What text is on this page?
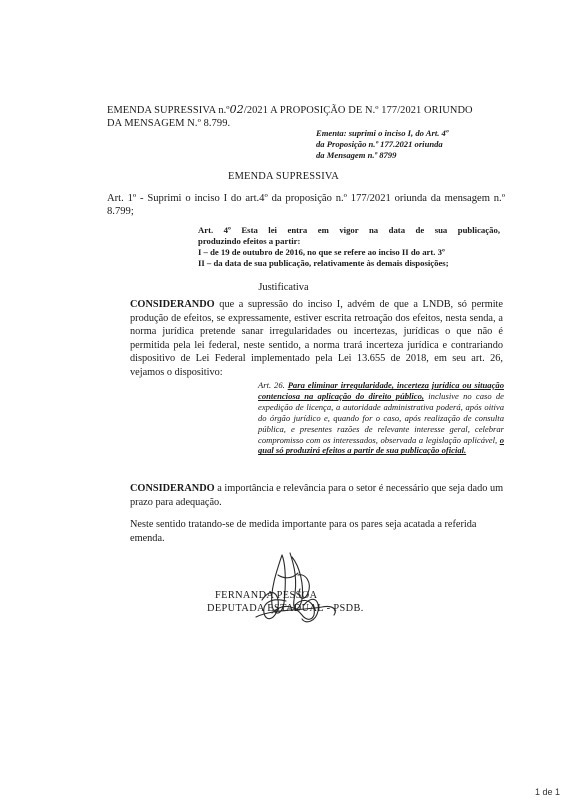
EMENDA SUPRESSIVA n.º02/2021 A PROPOSIÇÃO DE N.º 177/2021 ORIUNDO
DA MENSAGEM N.º 8.799.
Ementa: suprimi o inciso I, do Art. 4º
da Proposição n.º 177.2021 oriunda
da Mensagem n.º 8799
EMENDA SUPRESSIVA
Art. 1º - Suprimi o inciso I do art.4º da proposição n.º 177/2021 oriunda da mensagem n.º 8.799;
Art. 4º Esta lei entra em vigor na data de sua publicação,
produzindo efeitos a partir:
I – de 19 de outubro de 2016, no que se refere ao inciso II do art. 3º
II – da data de sua publicação, relativamente às demais disposições;
Justificativa
CONSIDERANDO que a supressão do inciso I, advém de que a LNDB, só permite produção de efeitos, se expressamente, estiver escrita retroação dos efeitos, nesta senda, a norma jurídica pretende sanar irregularidades ou incertezas, jurídicas o que não é permitida pela lei federal, neste sentido, a norma trará incerteza jurídica e contrariando dispositivo de Lei Federal implementado pela Lei 13.655 de 2018, em seu art. 26, vejamos o dispositivo:
Art. 26. Para eliminar irregularidade, incerteza jurídica ou situação contenciosa na aplicação do direito público, inclusive no caso de expedição de licença, a autoridade administrativa poderá, após oitiva do órgão jurídico e, quando for o caso, após realização de consulta pública, e presentes razões de relevante interesse geral, celebrar compromisso com os interessados, observada a legislação aplicável, o qual só produzirá efeitos a partir de sua publicação oficial.
CONSIDERANDO a importância e relevância para o setor é necessário que seja dado um prazo para adequação.
Neste sentido tratando-se de medida importante para os pares seja acatada a referida emenda.
FERNANDA PESSOA
DEPUTADA ESTADUAL - PSDB.
1 de 1
